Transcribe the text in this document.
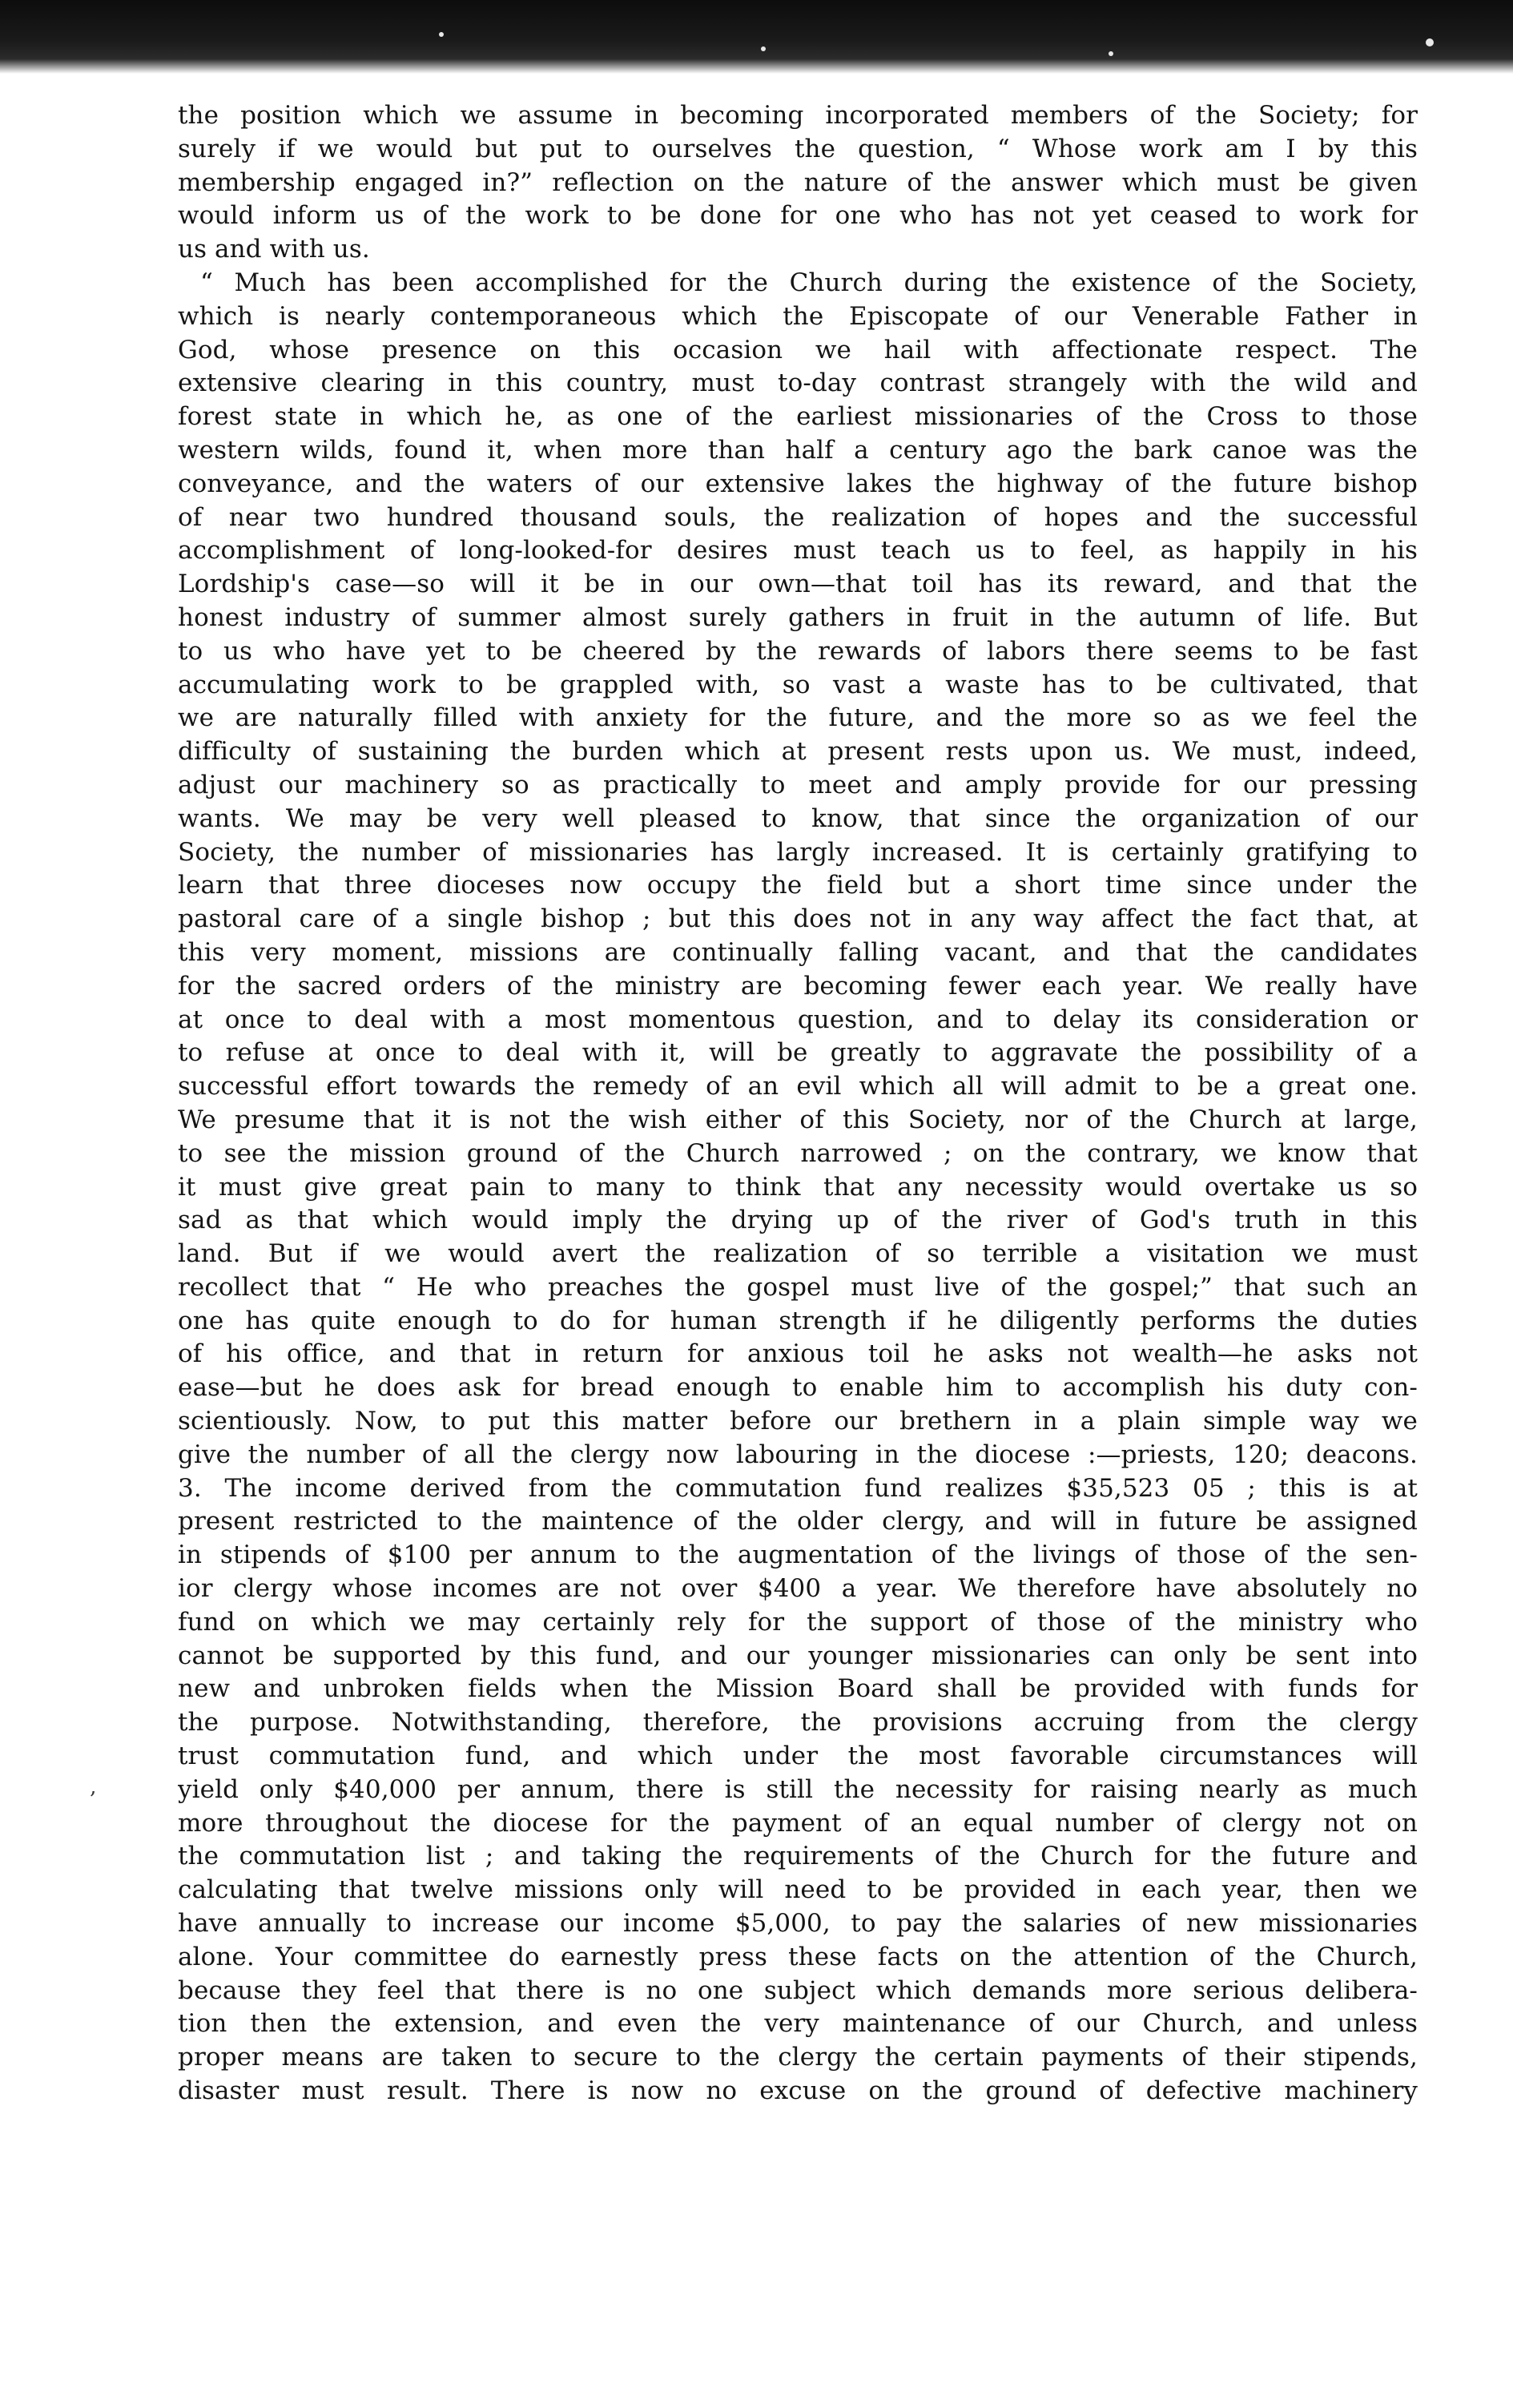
‚
the position which we assume in becoming incorporated members of the Society; for
surely if we would but put to ourselves the question, “ Whose work am I by this
membership engaged in?” reflection on the nature of the answer which must be given
would inform us of the work to be done for one who has not yet ceased to work for
us and with us.
“ Much has been accomplished for the Church during the existence of the Society,
which is nearly contemporaneous which the Episcopate of our Venerable Father in
God, whose presence on this occasion we hail with affectionate respect. The
extensive clearing in this country, must to-day contrast strangely with the wild and
forest state in which he, as one of the earliest missionaries of the Cross to those
western wilds, found it, when more than half a century ago the bark canoe was the
conveyance, and the waters of our extensive lakes the highway of the future bishop
of near two hundred thousand souls, the realization of hopes and the successful
accomplishment of long-looked-for desires must teach us to feel, as happily in his
Lordship's case—so will it be in our own—that toil has its reward, and that the
honest industry of summer almost surely gathers in fruit in the autumn of life. But
to us who have yet to be cheered by the rewards of labors there seems to be fast
accumulating work to be grappled with, so vast a waste has to be cultivated, that
we are naturally filled with anxiety for the future, and the more so as we feel the
difficulty of sustaining the burden which at present rests upon us. We must, indeed,
adjust our machinery so as practically to meet and amply provide for our pressing
wants. We may be very well pleased to know, that since the organization of our
Society, the number of missionaries has largly increased. It is certainly gratifying to
learn that three dioceses now occupy the field but a short time since under the
pastoral care of a single bishop ; but this does not in any way affect the fact that, at
this very moment, missions are continually falling vacant, and that the candidates
for the sacred orders of the ministry are becoming fewer each year. We really have
at once to deal with a most momentous question, and to delay its consideration or
to refuse at once to deal with it, will be greatly to aggravate the possibility of a
successful effort towards the remedy of an evil which all will admit to be a great one.
We presume that it is not the wish either of this Society, nor of the Church at large,
to see the mission ground of the Church narrowed ; on the contrary, we know that
it must give great pain to many to think that any necessity would overtake us so
sad as that which would imply the drying up of the river of God's truth in this
land. But if we would avert the realization of so terrible a visitation we must
recollect that “ He who preaches the gospel must live of the gospel;” that such an
one has quite enough to do for human strength if he diligently performs the duties
of his office, and that in return for anxious toil he asks not wealth—he asks not
ease—but he does ask for bread enough to enable him to accomplish his duty con-
scientiously. Now, to put this matter before our brethern in a plain simple way we
give the number of all the clergy now labouring in the diocese :—priests, 120; deacons.
3. The income derived from the commutation fund realizes $35,523 05 ; this is at
present restricted to the maintence of the older clergy, and will in future be assigned
in stipends of $100 per annum to the augmentation of the livings of those of the sen-
ior clergy whose incomes are not over $400 a year. We therefore have absolutely no
fund on which we may certainly rely for the support of those of the ministry who
cannot be supported by this fund, and our younger missionaries can only be sent into
new and unbroken fields when the Mission Board shall be provided with funds for
the purpose. Notwithstanding, therefore, the provisions accruing from the clergy
trust commutation fund, and which under the most favorable circumstances will
yield only $40,000 per annum, there is still the necessity for raising nearly as much
more throughout the diocese for the payment of an equal number of clergy not on
the commutation list ; and taking the requirements of the Church for the future and
calculating that twelve missions only will need to be provided in each year, then we
have annually to increase our income $5,000, to pay the salaries of new missionaries
alone. Your committee do earnestly press these facts on the attention of the Church,
because they feel that there is no one subject which demands more serious delibera-
tion then the extension, and even the very maintenance of our Church, and unless
proper means are taken to secure to the clergy the certain payments of their stipends,
disaster must result. There is now no excuse on the ground of defective machinery
